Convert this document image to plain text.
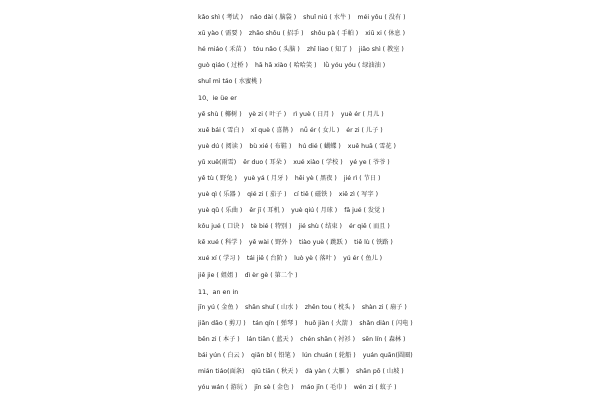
kǎo shì ( 考试 ) nǎo dài ( 脑袋 ) shuǐ niú ( 水牛 ) méi yǒu ( 没有 )
xū yào ( 需要 ) zhāo shǒu ( 招手 ) shǒu pà ( 手帕 ) xiū xi ( 休息 )
hé miáo ( 禾苗 ) tóu nǎo ( 头脑 ) zhī liao ( 知了 ) jiāo shì ( 教室 )
guò qiáo ( 过桥 ) hā hā xiào ( 哈哈笑 ) lǜ yóu yóu ( 绿油油 )
shuǐ mì táo ( 水蜜桃 )
10、ie üe er
yē shù ( 椰树 ) yè zi ( 叶子 ) rì yuè ( 日月 ) yuè ér ( 月儿 )
xuě bái ( 雪白 ) xǐ què ( 喜鹊 ) nǚ ér ( 女儿 ) ér zi ( 儿子 )
yuè dú ( 阅读 ) bù xié ( 布鞋 ) hú dié ( 蝴蝶 ) xuě huā ( 雪花 )
yǔ xuě(雨雪) ěr duo ( 耳朵 ) xué xiào ( 学校 ) yé ye ( 爷爷 )
yě tù ( 野兔 ) yuè yá ( 月牙 ) hēi yè ( 黑夜 ) jié rì ( 节日 )
yuè qì ( 乐器 ) qié zi ( 茄子 ) cí tiě ( 磁铁 ) xiě zì ( 写字 )
yuè qǔ ( 乐曲 ) ěr jī ( 耳机 ) yuè qiú ( 月球 ) fā jué ( 发觉 )
kǒu jué ( 口诀 ) tè bié ( 特别 ) jié shù ( 结束 ) ér qiě ( 而且 )
kē xué ( 科学 ) yě wài ( 野外 ) tiào yuè ( 跳跃 ) tiě lù ( 铁路 )
xué xí ( 学习 ) tái jiē ( 台阶 ) luò yè ( 落叶 ) yú ér ( 鱼儿 )
jiě jie ( 姐姐 ) dì èr gè ( 第二个 )
11、an en in
jīn yú ( 金鱼 ) shān shuǐ ( 山水 ) zhěn tou ( 枕头 ) shàn zi ( 扇子 )
jiǎn dāo ( 剪刀 ) tán qín ( 弹琴 ) huǒ jiàn ( 火箭 ) shǎn diàn ( 闪电 )
běn zi ( 本子 ) lán tiān ( 蓝天 ) chén shān ( 衬衫 ) sēn lín ( 森林 )
bái yún ( 白云 ) qiān bǐ ( 铅笔 ) lún chuán ( 轮船 ) yuán quān(圆圈)
mián tiáo(面条) qiū tiān ( 秋天 ) dà yàn ( 大雁 ) shān pō ( 山坡 )
yóu wán ( 游玩 ) jīn sè ( 金色 ) máo jīn ( 毛巾 ) wén zi ( 蚊子 )
